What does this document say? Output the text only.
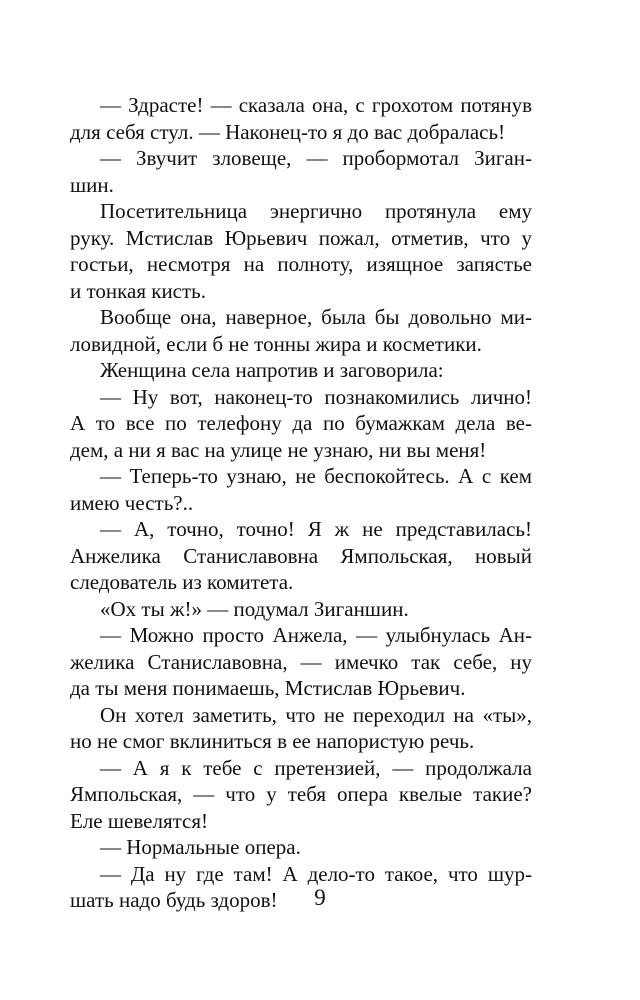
— Здрасте! — сказала она, с грохотом потянув
для себя стул. — Наконец-то я до вас добралась!
— Звучит зловеще, — пробормотал Зиган-
шин.
Посетительница энергично протянула ему
руку. Мстислав Юрьевич пожал, отметив, что у
гостьи, несмотря на полноту, изящное запястье
и тонкая кисть.
Вообще она, наверное, была бы довольно ми-
ловидной, если б не тонны жира и косметики.
Женщина села напротив и заговорила:
— Ну вот, наконец-то познакомились лично!
А то все по телефону да по бумажкам дела ве-
дем, а ни я вас на улице не узнаю, ни вы меня!
— Теперь-то узнаю, не беспокойтесь. А с кем
имею честь?..
— А, точно, точно! Я ж не представилась!
Анжелика Станиславовна Ямпольская, новый
следователь из комитета.
«Ох ты ж!» — подумал Зиганшин.
— Можно просто Анжела, — улыбнулась Ан-
желика Станиславовна, — имечко так себе, ну
да ты меня понимаешь, Мстислав Юрьевич.
Он хотел заметить, что не переходил на «ты»,
но не смог вклиниться в ее напористую речь.
— А я к тебе с претензией, — продолжала
Ямпольская, — что у тебя опера квелые такие?
Еле шевелятся!
— Нормальные опера.
— Да ну где там! А дело-то такое, что шур-
шать надо будь здоров!	9
